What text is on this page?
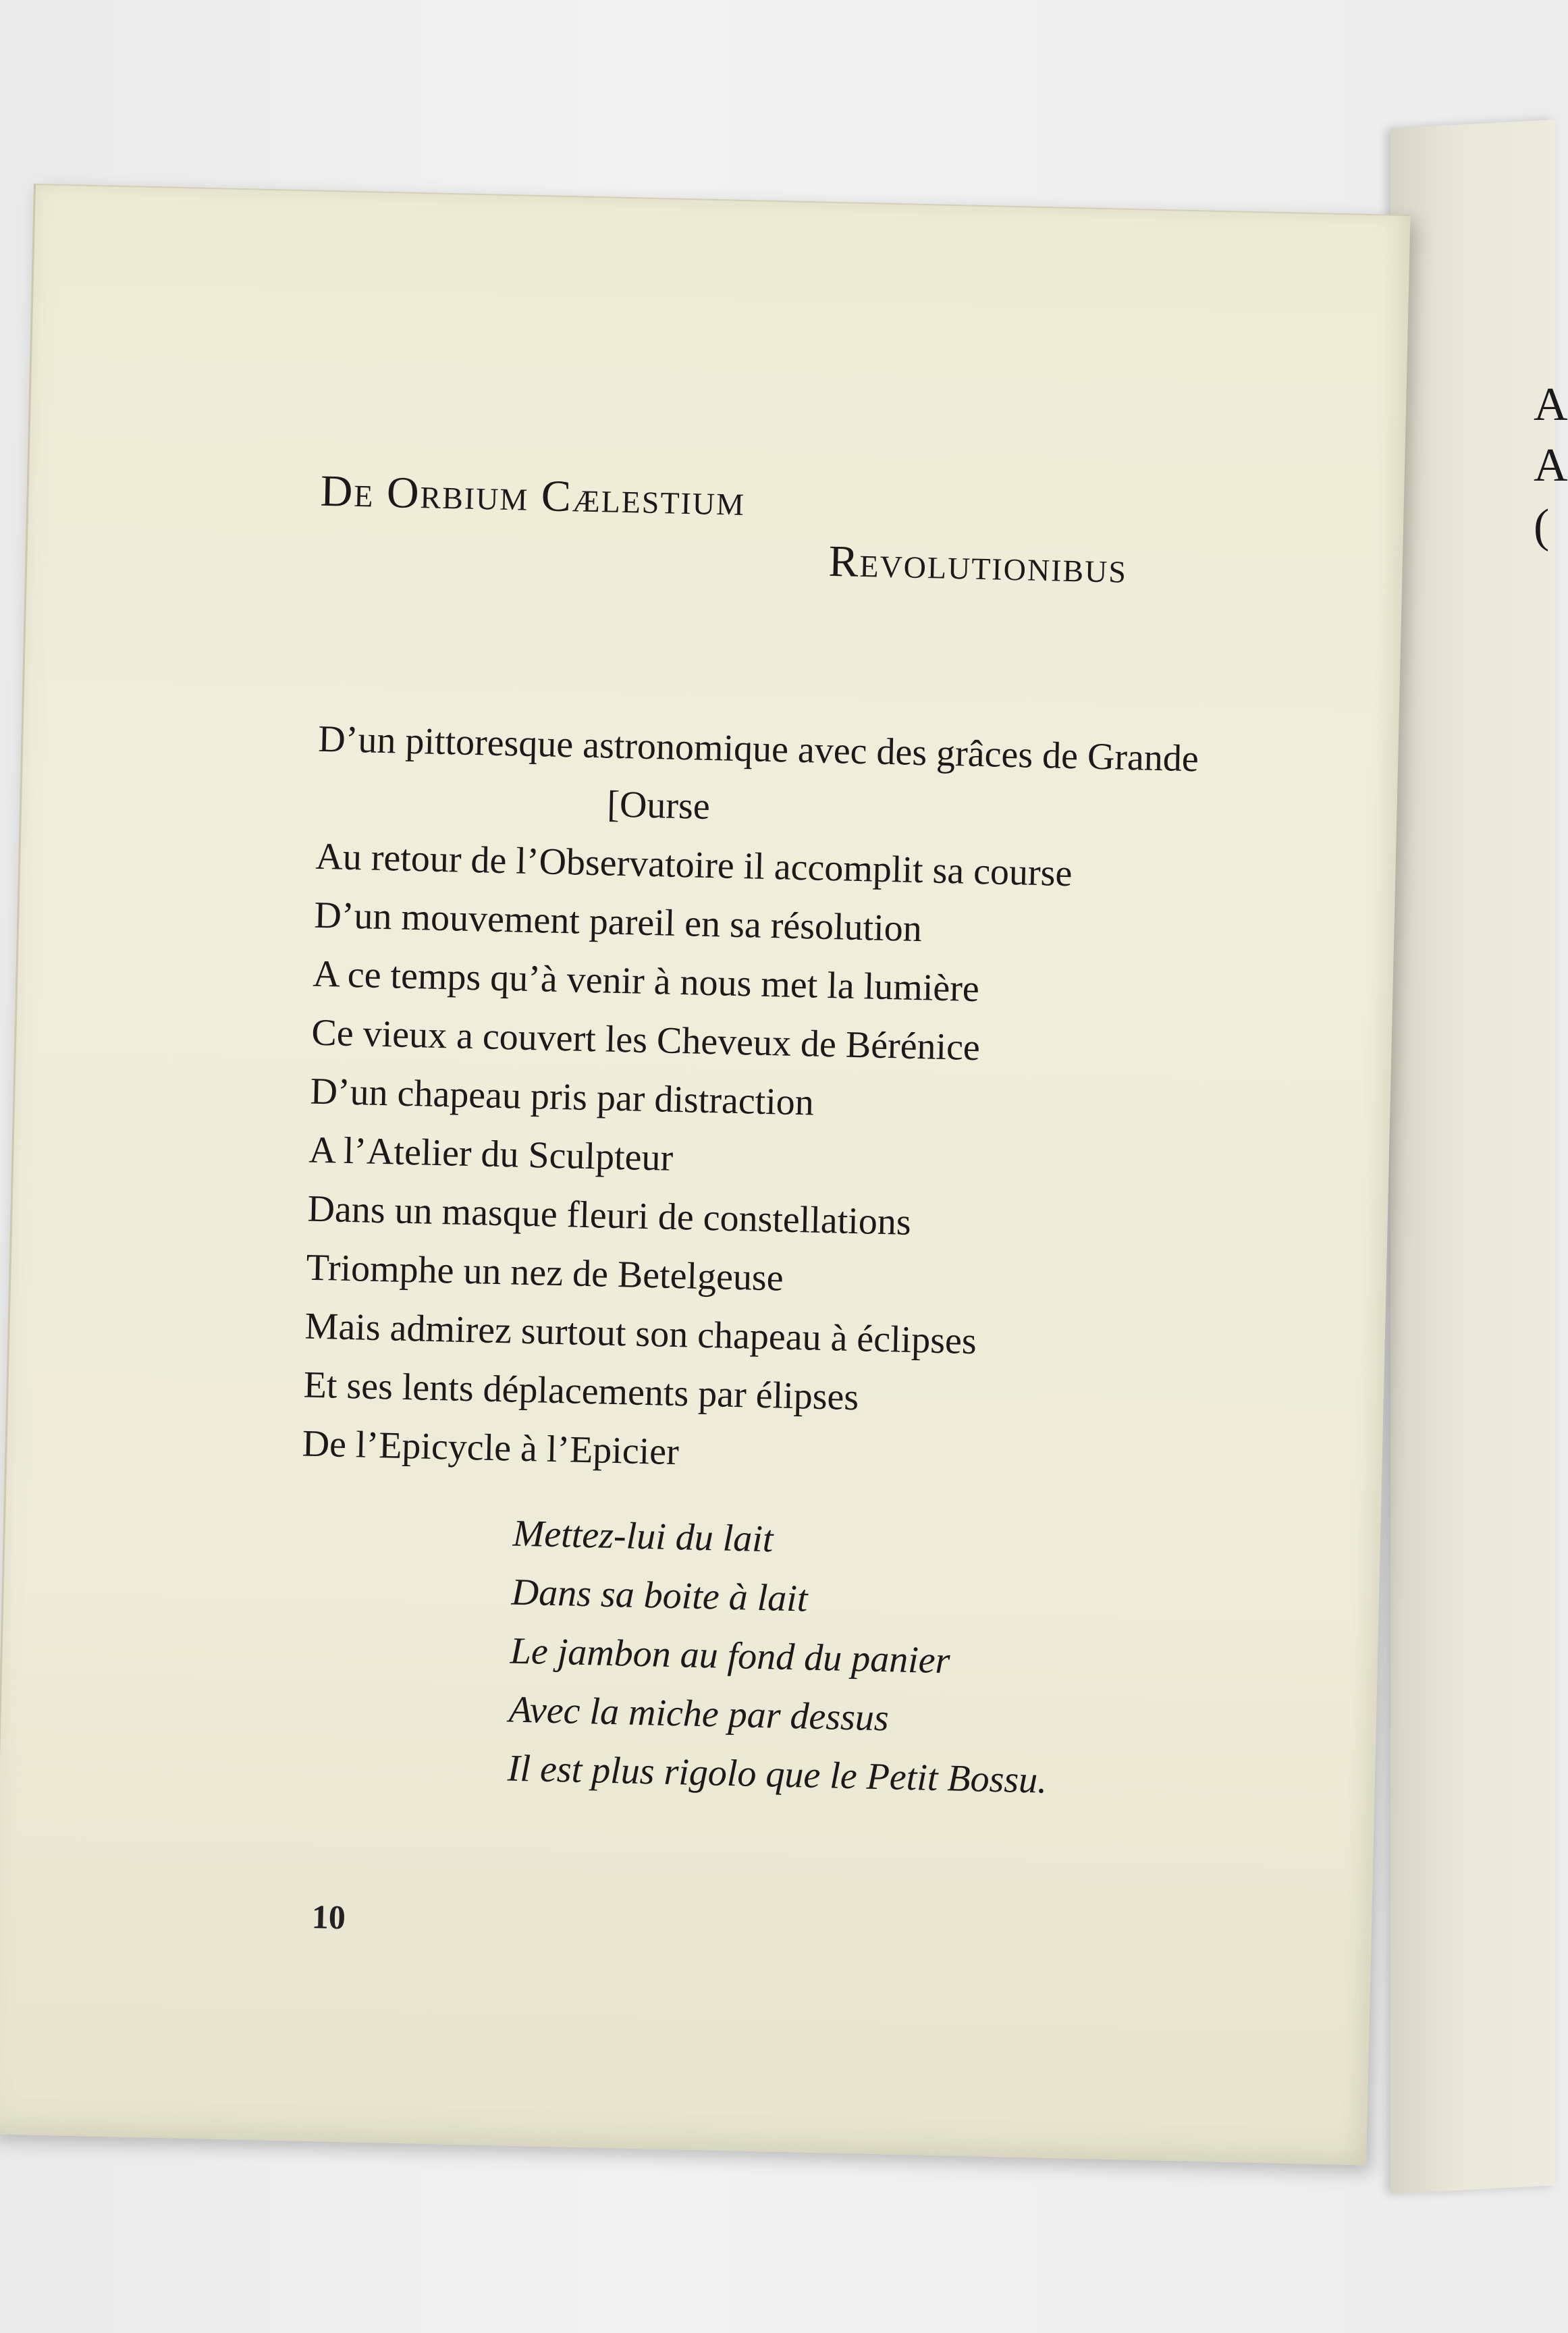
A
A
(
De Orbium Cælestium
Revolutionibus
D’un pittoresque astronomique avec des grâces de Grande
[Ourse
Au retour de l’Observatoire il accomplit sa course
D’un mouvement pareil en sa résolution
A ce temps qu’à venir à nous met la lumière
Ce vieux a couvert les Cheveux de Bérénice
D’un chapeau pris par distraction
A l’Atelier du Sculpteur
Dans un masque fleuri de constellations
Triomphe un nez de Betelgeuse
Mais admirez surtout son chapeau à éclipses
Et ses lents déplacements par élipses
De l’Epicycle à l’Epicier
Mettez-lui du lait
Dans sa boite à lait
Le jambon au fond du panier
Avec la miche par dessus
Il est plus rigolo que le Petit Bossu.
10
